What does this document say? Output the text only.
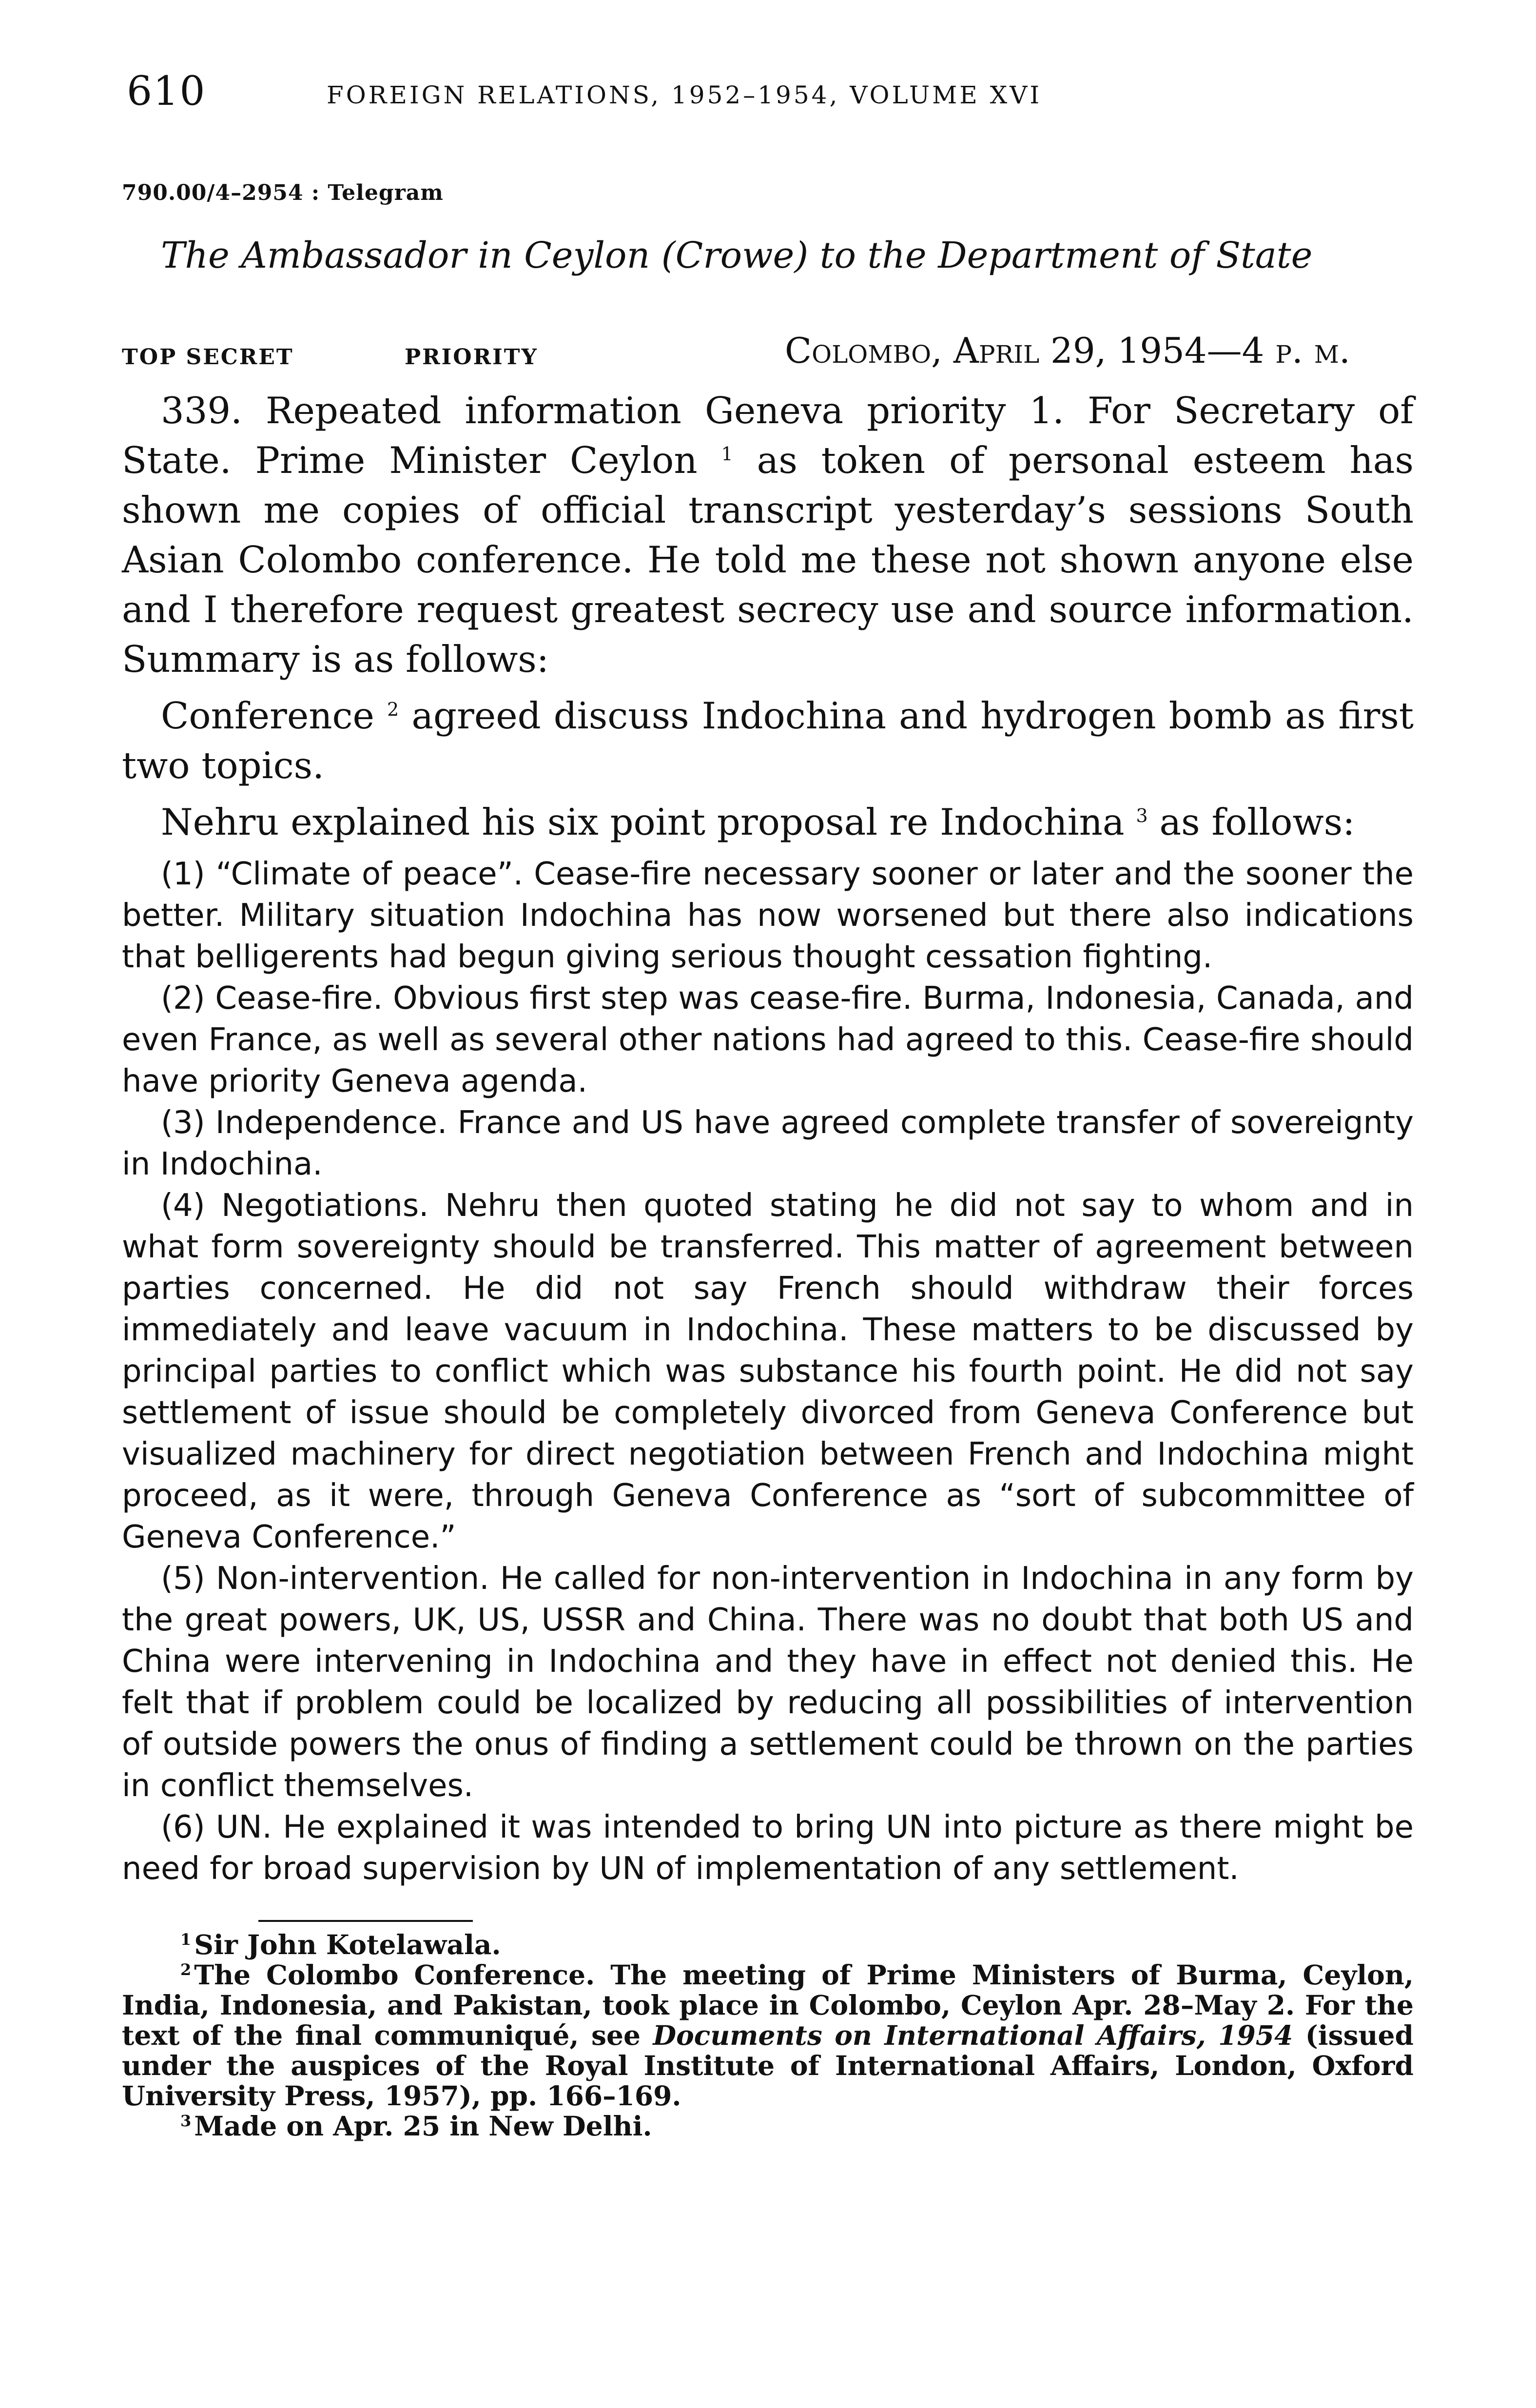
610	FOREIGN RELATIONS, 1952–1954, VOLUME XVI
790.00/4–2954 : Telegram
The Ambassador in Ceylon (Crowe) to the Department of State
TOP SECRET	PRIORITY	Colombo, April 29, 1954—4 p. m.

339. Repeated information Geneva priority 1. For Secretary of State. Prime Minister Ceylon $^1$ as token of personal esteem has shown me copies of official transcript yesterday’s sessions South Asian Colombo conference. He told me these not shown anyone else and I therefore request greatest secrecy use and source information. Summary is as follows:

Conference $^2$ agreed discuss Indochina and hydrogen bomb as first two topics.

Nehru explained his six point proposal re Indochina $^3$ as follows:

(1) “Climate of peace”. Cease-fire necessary sooner or later and the sooner the better. Military situation Indochina has now worsened but there also indications that belligerents had begun giving serious thought cessation fighting.

(2) Cease-fire. Obvious first step was cease-fire. Burma, Indonesia, Canada, and even France, as well as several other nations had agreed to this. Cease-fire should have priority Geneva agenda.

(3) Independence. France and US have agreed complete transfer of sovereignty in Indochina.

(4) Negotiations. Nehru then quoted stating he did not say to whom and in what form sovereignty should be transferred. This matter of agreement between parties concerned. He did not say French should withdraw their forces immediately and leave vacuum in Indochina. These matters to be discussed by principal parties to conflict which was substance his fourth point. He did not say settlement of issue should be completely divorced from Geneva Conference but visualized machinery for direct negotiation between French and Indochina might proceed, as it were, through Geneva Conference as “sort of subcommittee of Geneva Conference.”

(5) Non-intervention. He called for non-intervention in Indochina in any form by the great powers, UK, US, USSR and China. There was no doubt that both US and China were intervening in Indochina and they have in effect not denied this. He felt that if problem could be localized by reducing all possibilities of intervention of outside powers the onus of finding a settlement could be thrown on the parties in conflict themselves.

(6) UN. He explained it was intended to bring UN into picture as there might be need for broad supervision by UN of implementation of any settlement.

$^1$ Sir John Kotelawala.

$^2$ The Colombo Conference. The meeting of Prime Ministers of Burma, Ceylon, India, Indonesia, and Pakistan, took place in Colombo, Ceylon Apr. 28–May 2. For the text of the final communiqué, see Documents on International Affairs, 1954 (issued under the auspices of the Royal Institute of International Affairs, London, Oxford University Press, 1957), pp. 166–169.

$^3$ Made on Apr. 25 in New Delhi.
